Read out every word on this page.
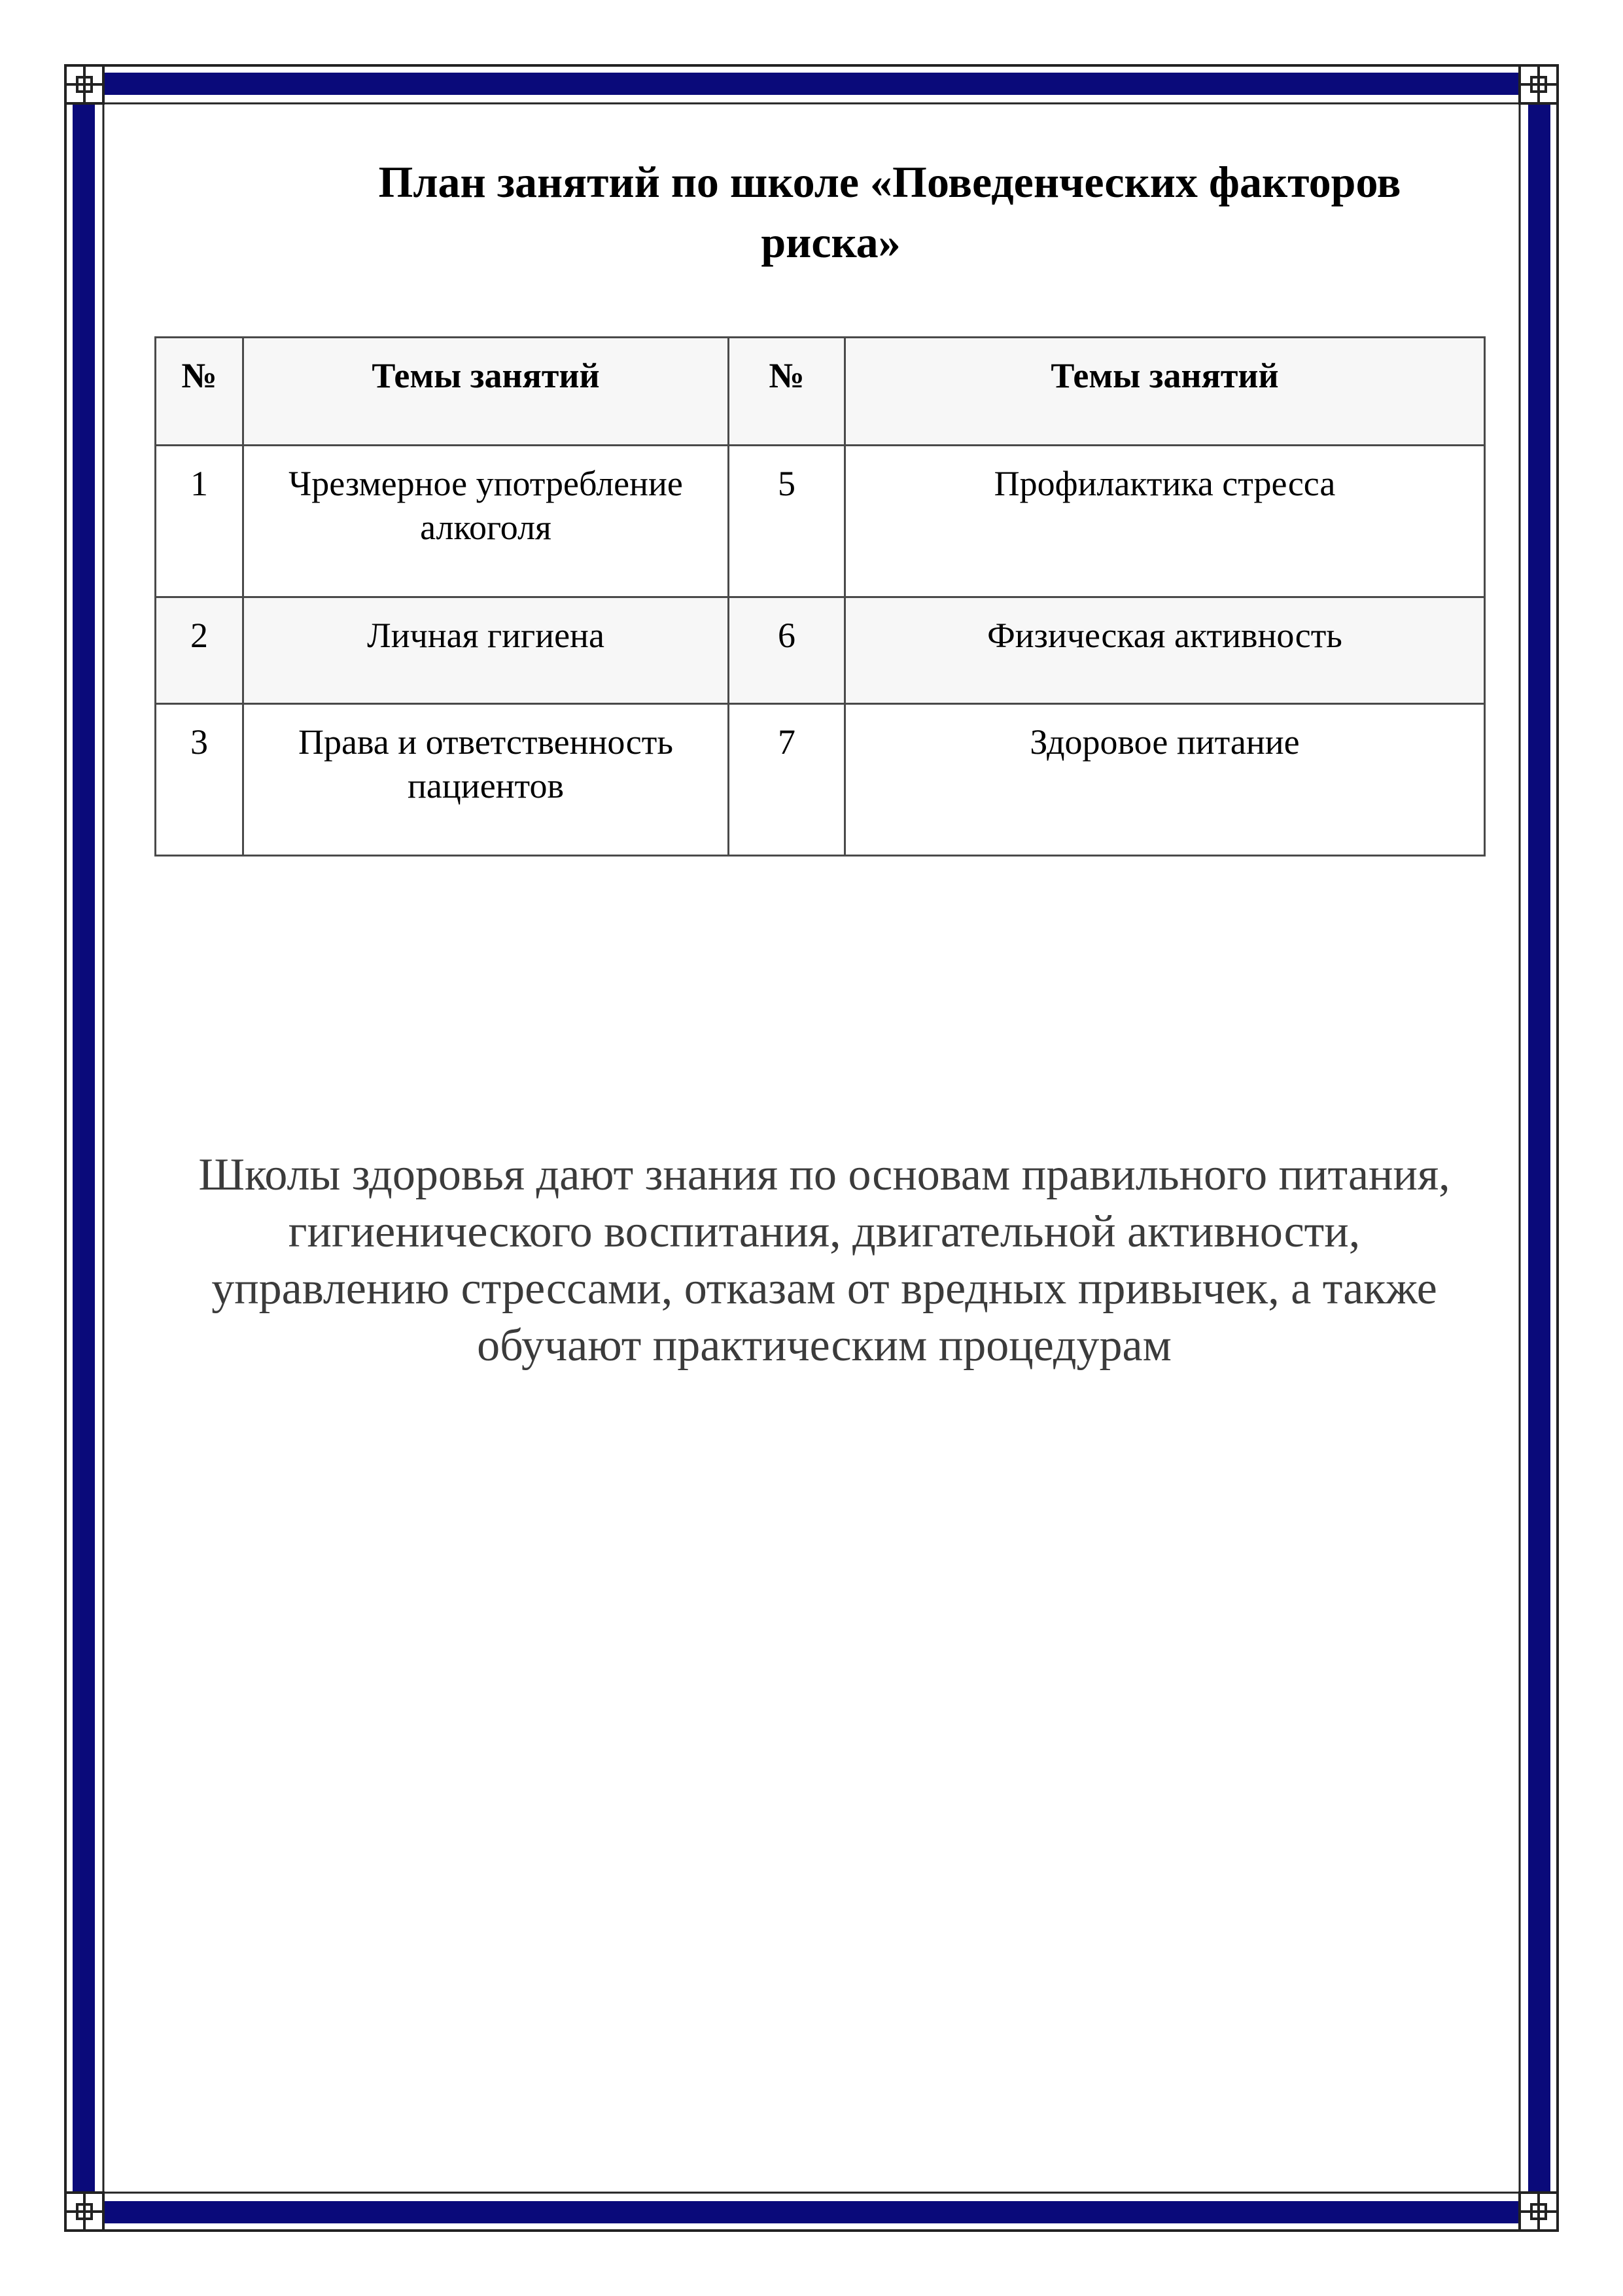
План занятий по школе «Поведенческих факторов
риска»
№	Темы занятий	№	Темы занятий
1	Чрезмерное употребление алкоголя	5	Профилактика стресса
2	Личная гигиена	6	Физическая активность
3	Права и ответственность пациентов	7	Здоровое питание

Школы здоровья дают знания по основам правильного питания,
гигиенического воспитания, двигательной активности,
управлению стрессами, отказам от вредных привычек, а также
обучают практическим процедурам
